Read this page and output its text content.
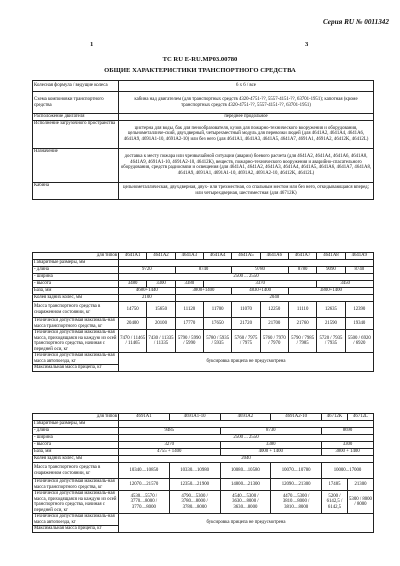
Серия RU № 0011342
1	3
TC RU E-RU.MP03.00780
ОБЩИЕ ХАРАКТЕРИСТИКИ ТРАНСПОРТНОГО СРЕДСТВА
Колесная формула / ведущие колеса	6 x 6 / все
Схема компоновки транспортного средства	кабина над двигателем (для транспортных средств 4320-4751-??, 5557-4151-??, 63701-1951); капотная (кроме транспортных средств 4320-4751-??, 5557-4151-??, 63701-1951)
Расположение двигателя	переднее продольное
Исполнение загрузочного пространства	цистерна для воды, бак для пенообразователя, кузов для пожарно-технического вооружения и оборудования, цельнометалличе-ский, двухдверный, четырехместный модуль для перевозки людей (для 4641A2, 4641A4, 4641A6, 4641A9, 4691A1-10, 4691A2-10) или без него (для 4641A1, 4641A3, 4641A5, 4641A7, 4691A1, 4691A2, 46412K, 46412L)
Назначение	доставка к месту пожара или чрезвычайной ситуации (аварии) боевого расчета (для 4641A2, 4641A4, 4641A6, 4641A8, 4641A9, 4691A1-10, 4691A2-10, 46412K), веществ, пожарно-технического вооружения и аварийно-спасательного оборудования, средств радиосвязи и освещения (для 4641A1, 4641A2, 4641A3, 4641A4, 4641A5, 4641A6, 4641A7, 4641A8, 4641A9, 4691A1, 4691A1-10, 4691A2, 4691A2-10, 46412K, 46412L)
Кабина	цельнометаллическая, двухдверная, двух- или трехместная, со спальным местом или без него, откидывающаяся вперед; или четырехдверная, шестиместная (для 46712K)
для типов	4641A1	4641A2	4641A3	4641A4	4641A5	4641A6	4641A7	4641A8	4641A9
Габаритные размеры, мм									
- длина	9720		8740		9780		8780	9090	8740
- ширина	2500 ... 2550								
- высота	3480	3300	3380	3370				3450	
База, мм	4680+1440		3800+1400		4830+1400		3800+1400		
Колея задних колес, мм	2100		2040						
Масса транспортного средства в снаряженном состоянии, кг	14750	15650	11120	11700	11070	12250	11110	12635	12390
Технически допустимая максималь-ная масса транспортного средства, кг	20400	20100	17770	17650	21720	21700	21760	21590	19340
Технически допустимая максималь-ная масса, приходящаяся на каждую из осей транспортного средства, начиная с передней оси, кг	7470 / 11465 / 11465	7430 / 11335 / 11335	5790 / 5990 / 5990	5780 / 5935 / 5935	5760 / 7975 / 7975	5760 / 7970 / 7970	5790 / 7985 / 7985	5720 / 7935 / 7935	5500 / 6920 / 6920
Технически допустимая максималь-ная масса автопоезда, кг	буксировка прицепа не предусмотрена								
Максимальная масса прицепа, кг									
для типов	4691A1	4691A1-10	4691A2	4691A2-10	46712K	46712L
Габаритные размеры, мм						
- длина	9485		8730		8690	
- ширина	2500 ... 2550					
- высота	3270		3380		3300	
База, мм	4755 + 1400		4000 + 1400		3800 + 1400	
Колея задних колес, мм	2040					
Масса транспортного средства в снаряженном состоянии, кг	10340....10850	10330....10980	10080....10580	10070....10780	10000...17000	
Технически допустимая максималь-ная масса транспортного средства, кг	12070....21570	12350....21900	14800....21300	12090....21300	17485	21300
Технически допустимая максималь-ная масса, приходящаяся на каждую из осей транспортного средства, начиная с передней оси, кг	4530....5570 / 3770....8000 / 3770....8000	4790....5300 / 3780....8000 / 3780....8000	4540....5300 / 3630....8000 / 3630....8000	4470....5300 / 3810....8000 / 3810....8000	5200 / 6142,5 / 6142,5	5300 / 8000 / 8000
Технически допустимая максималь-ная масса автопоезда, кг	буксировка прицепа не предусмотрена					
Максимальная масса прицепа, кг						
